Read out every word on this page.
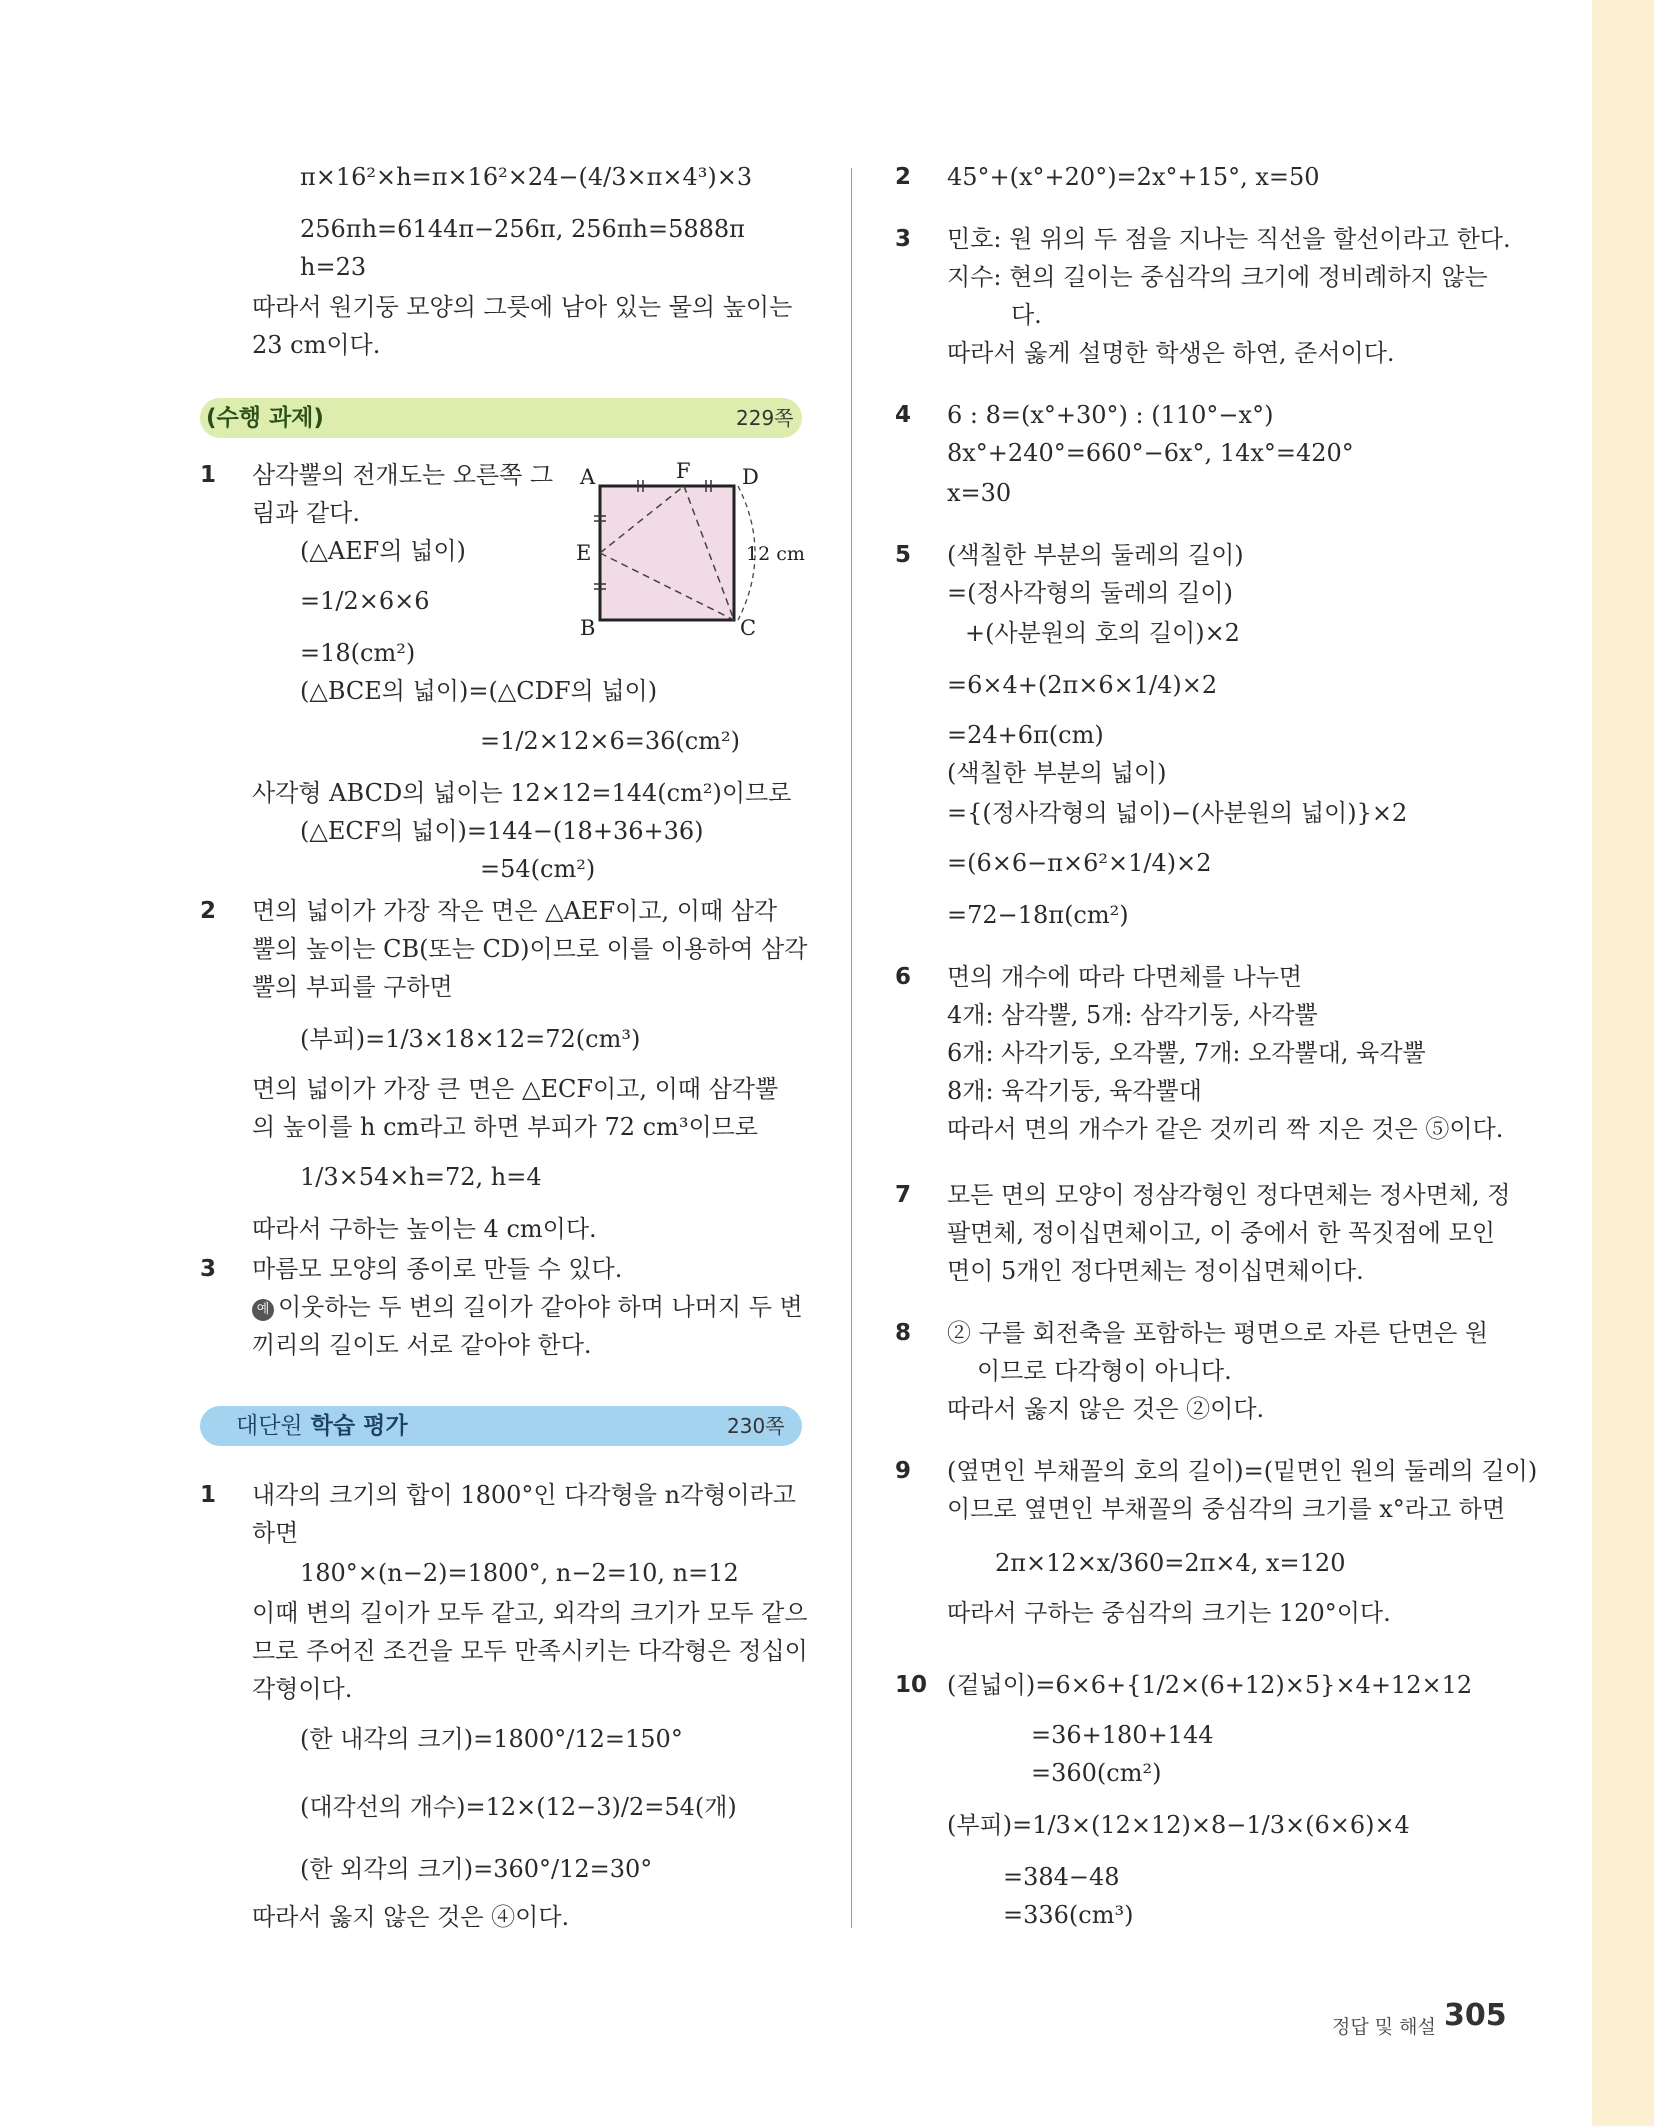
π×16²×h=π×16²×24−(4/3×π×4³)×3
256πh=6144π−256π, 256πh=5888π
h=23
따라서 원기둥 모양의 그릇에 남아 있는 물의 높이는
23 cm이다.
(수행 과제)	229쪽
1 삼각뿔의 전개도는 오른쪽 그
림과 같다.
(△AEF의 넓이)
=1/2×6×6
=18(cm²)
(△BCE의 넓이)=(△CDF의 넓이)
=1/2×12×6=36(cm²)
사각형 ABCD의 넓이는 12×12=144(cm²)이므로
(△ECF의 넓이)=144−(18+36+36)
=54(cm²)
A	F D
E
B	C
12 cm
2 면의 넓이가 가장 작은 면은 △AEF이고, 이때 삼각
뿔의 높이는 CB(또는 CD)이므로 이를 이용하여 삼각
뿔의 부피를 구하면
(부피)=1/3×18×12=72(cm³)
면의 넓이가 가장 큰 면은 △ECF이고, 이때 삼각뿔
의 높이를 h cm라고 하면 부피가 72 cm³이므로
1/3×54×h=72, h=4
따라서 구하는 높이는 4 cm이다.
3 마름모 모양의 종이로 만들 수 있다.
예 이웃하는 두 변의 길이가 같아야 하며 나머지 두 변
끼리의 길이도 서로 같아야 한다.
대단원 학습 평가	230쪽
1 내각의 크기의 합이 1800°인 다각형을 n각형이라고
하면
180°×(n−2)=1800°, n−2=10, n=12
이때 변의 길이가 모두 같고, 외각의 크기가 모두 같으
므로 주어진 조건을 모두 만족시키는 다각형은 정십이
각형이다.
(한 내각의 크기)=1800°/12=150°
(대각선의 개수)=12×(12−3)/2=54(개)
(한 외각의 크기)=360°/12=30°
따라서 옳지 않은 것은 ④이다.
2 45°+(x°+20°)=2x°+15°, x=50
3 민호: 원 위의 두 점을 지나는 직선을 할선이라고 한다.
지수: 현의 길이는 중심각의 크기에 정비례하지 않는
다.
따라서 옳게 설명한 학생은 하연, 준서이다.
4 6 : 8=(x°+30°) : (110°−x°)
8x°+240°=660°−6x°, 14x°=420°
x=30
5 (색칠한 부분의 둘레의 길이)
=(정사각형의 둘레의 길이)
+(사분원의 호의 길이)×2
=6×4+(2π×6×1/4)×2
=24+6π(cm)
(색칠한 부분의 넓이)
={(정사각형의 넓이)−(사분원의 넓이)}×2
=(6×6−π×6²×1/4)×2
=72−18π(cm²)
6 면의 개수에 따라 다면체를 나누면
4개: 삼각뿔, 5개: 삼각기둥, 사각뿔
6개: 사각기둥, 오각뿔, 7개: 오각뿔대, 육각뿔
8개: 육각기둥, 육각뿔대
따라서 면의 개수가 같은 것끼리 짝 지은 것은 ⑤이다.
7 모든 면의 모양이 정삼각형인 정다면체는 정사면체, 정
팔면체, 정이십면체이고, 이 중에서 한 꼭짓점에 모인
면이 5개인 정다면체는 정이십면체이다.
8 ② 구를 회전축을 포함하는 평면으로 자른 단면은 원
이므로 다각형이 아니다.
따라서 옳지 않은 것은 ②이다.
9 (옆면인 부채꼴의 호의 길이)=(밑면인 원의 둘레의 길이)
이므로 옆면인 부채꼴의 중심각의 크기를 x°라고 하면
2π×12×x/360=2π×4, x=120
따라서 구하는 중심각의 크기는 120°이다.
10 (겉넓이)=6×6+{1/2×(6+12)×5}×4+12×12
=36+180+144
=360(cm²)
(부피)=1/3×(12×12)×8−1/3×(6×6)×4
=384−48
=336(cm³)
정답 및 해설 305
